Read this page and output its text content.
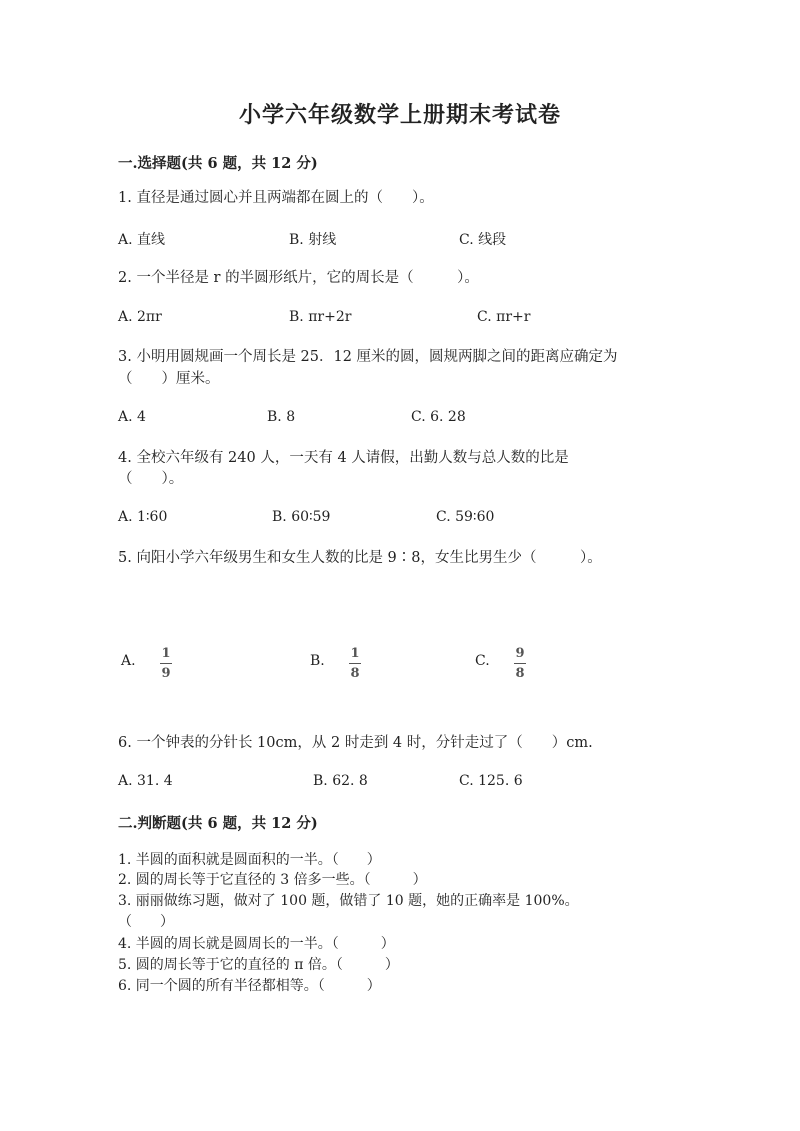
小学六年级数学上册期末考试卷
一.选择题(共 6 题，共 12 分)
1. 直径是通过圆心并且两端都在圆上的（　　）。
A. 直线	B. 射线	C. 线段
2. 一个半径是 r 的半圆形纸片，它的周长是（　　　）。
A. 2πr	B. πr+2r	C. πr+r
3. 小明用圆规画一个周长是 25．12 厘米的圆，圆规两脚之间的距离应确定为
（　　）厘米。
A. 4	B. 8	C. 6. 28
4. 全校六年级有 240 人，一天有 4 人请假，出勤人数与总人数的比是
（　　）。
A. 1∶60	B. 60∶59	C. 59∶60
5. 向阳小学六年级男生和女生人数的比是 9∶8，女生比男生少（　　　）。
A. 1
9
B. 1
8
C. 9
8
6. 一个钟表的分针长 10cm，从 2 时走到 4 时，分针走过了（　　）cm.
A. 31. 4	B. 62. 8	C. 125. 6
二.判断题(共 6 题，共 12 分)
1. 半圆的面积就是圆面积的一半。（　　）
2. 圆的周长等于它直径的 3 倍多一些。（　　　）
3. 丽丽做练习题，做对了 100 题，做错了 10 题，她的正确率是 100%。
（　　）
4. 半圆的周长就是圆周长的一半。（　　　）
5. 圆的周长等于它的直径的 π 倍。（　　　）
6. 同一个圆的所有半径都相等。（　　　）
